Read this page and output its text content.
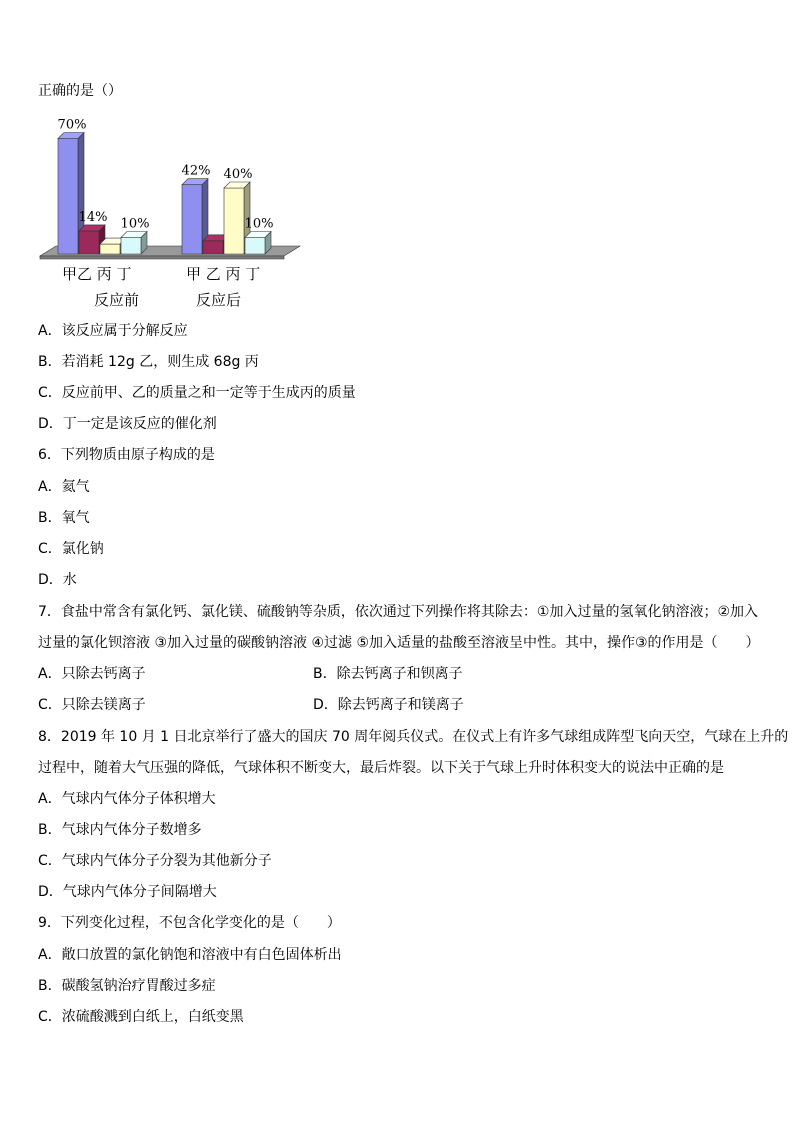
正确的是（）
70%
14% 10%
42% 40%
10%
甲乙 丙 丁	甲 乙 丙 丁
反应前	反应后
A．该反应属于分解反应
B．若消耗 12g 乙，则生成 68g 丙
C．反应前甲、乙的质量之和一定等于生成丙的质量
D．丁一定是该反应的催化剂
6．下列物质由原子构成的是
A．氦气
B．氧气
C．氯化钠
D．水
7．食盐中常含有氯化钙、氯化镁、硫酸钠等杂质，依次通过下列操作将其除去：①加入过量的氢氧化钠溶液；②加入
过量的氯化钡溶液 ③加入过量的碳酸钠溶液 ④过滤 ⑤加入适量的盐酸至溶液呈中性。其中，操作③的作用是（　　）
A．只除去钙离子	B．除去钙离子和钡离子
C．只除去镁离子	D．除去钙离子和镁离子
8．2019 年 10 月 1 日北京举行了盛大的国庆 70 周年阅兵仪式。在仪式上有许多气球组成阵型飞向天空，气球在上升的
过程中，随着大气压强的降低，气球体积不断变大，最后炸裂。以下关于气球上升时体积变大的说法中正确的是
A．气球内气体分子体积增大
B．气球内气体分子数增多
C．气球内气体分子分裂为其他新分子
D．气球内气体分子间隔增大
9．下列变化过程，不包含化学变化的是（　　）
A．敞口放置的氯化钠饱和溶液中有白色固体析出
B．碳酸氢钠治疗胃酸过多症
C．浓硫酸溅到白纸上，白纸变黑
